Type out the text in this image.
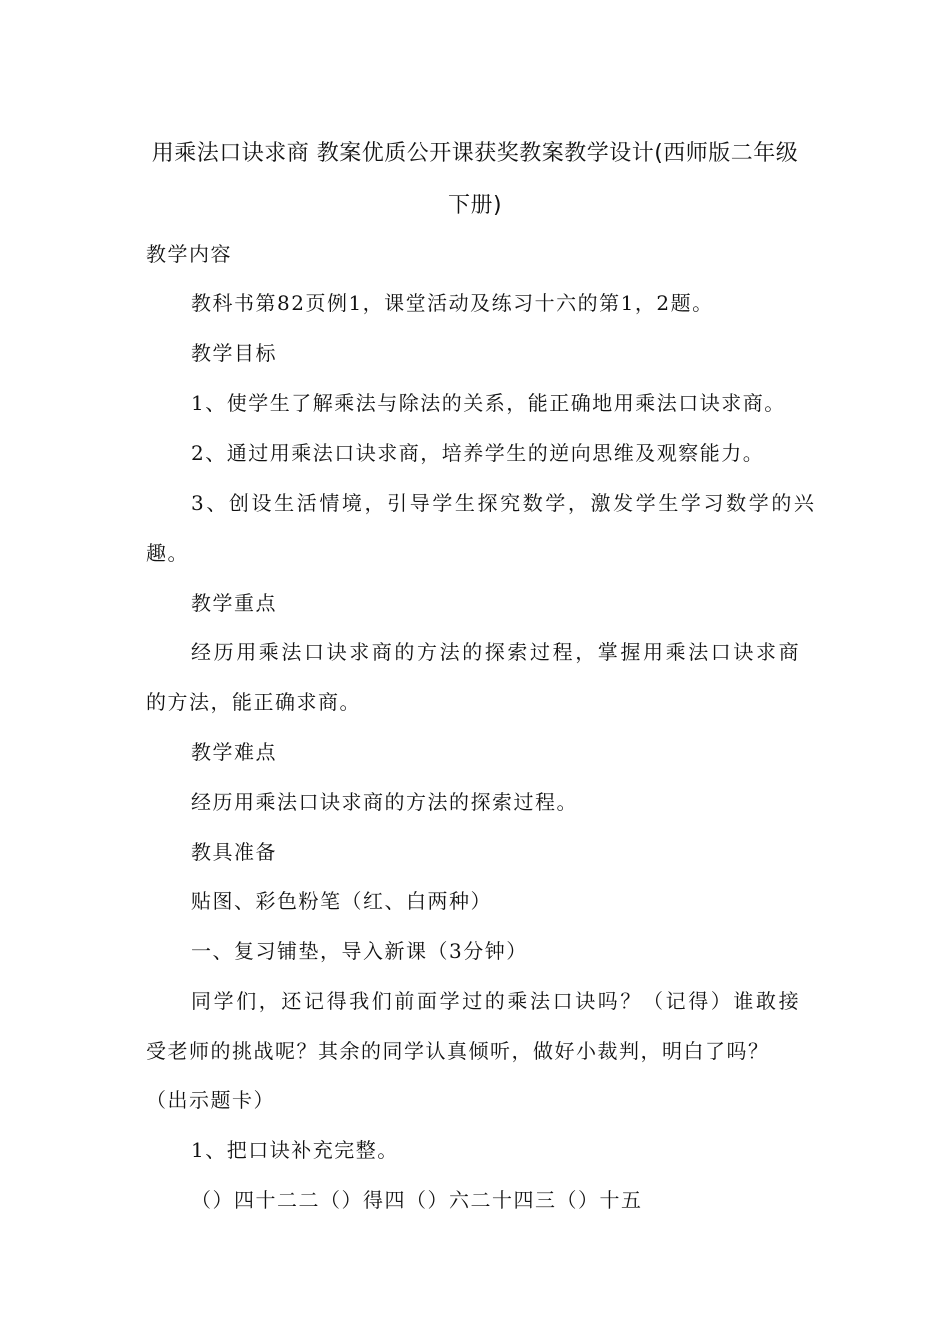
用乘法口诀求商 教案优质公开课获奖教案教学设计(西师版二年级
下册)
教学内容
教科书第82页例1，课堂活动及练习十六的第1，2题。
教学目标
1、使学生了解乘法与除法的关系，能正确地用乘法口诀求商。
2、通过用乘法口诀求商，培养学生的逆向思维及观察能力。
3、创设生活情境，引导学生探究数学，激发学生学习数学的兴
趣。
教学重点
经历用乘法口诀求商的方法的探索过程，掌握用乘法口诀求商
的方法，能正确求商。
教学难点
经历用乘法口诀求商的方法的探索过程。
教具准备
贴图、彩色粉笔（红、白两种）
一、复习铺垫，导入新课（3分钟）
同学们，还记得我们前面学过的乘法口诀吗？（记得）谁敢接
受老师的挑战呢？其余的同学认真倾听，做好小裁判，明白了吗？
（出示题卡）
1、把口诀补充完整。
（）四十二二（）得四（）六二十四三（）十五
